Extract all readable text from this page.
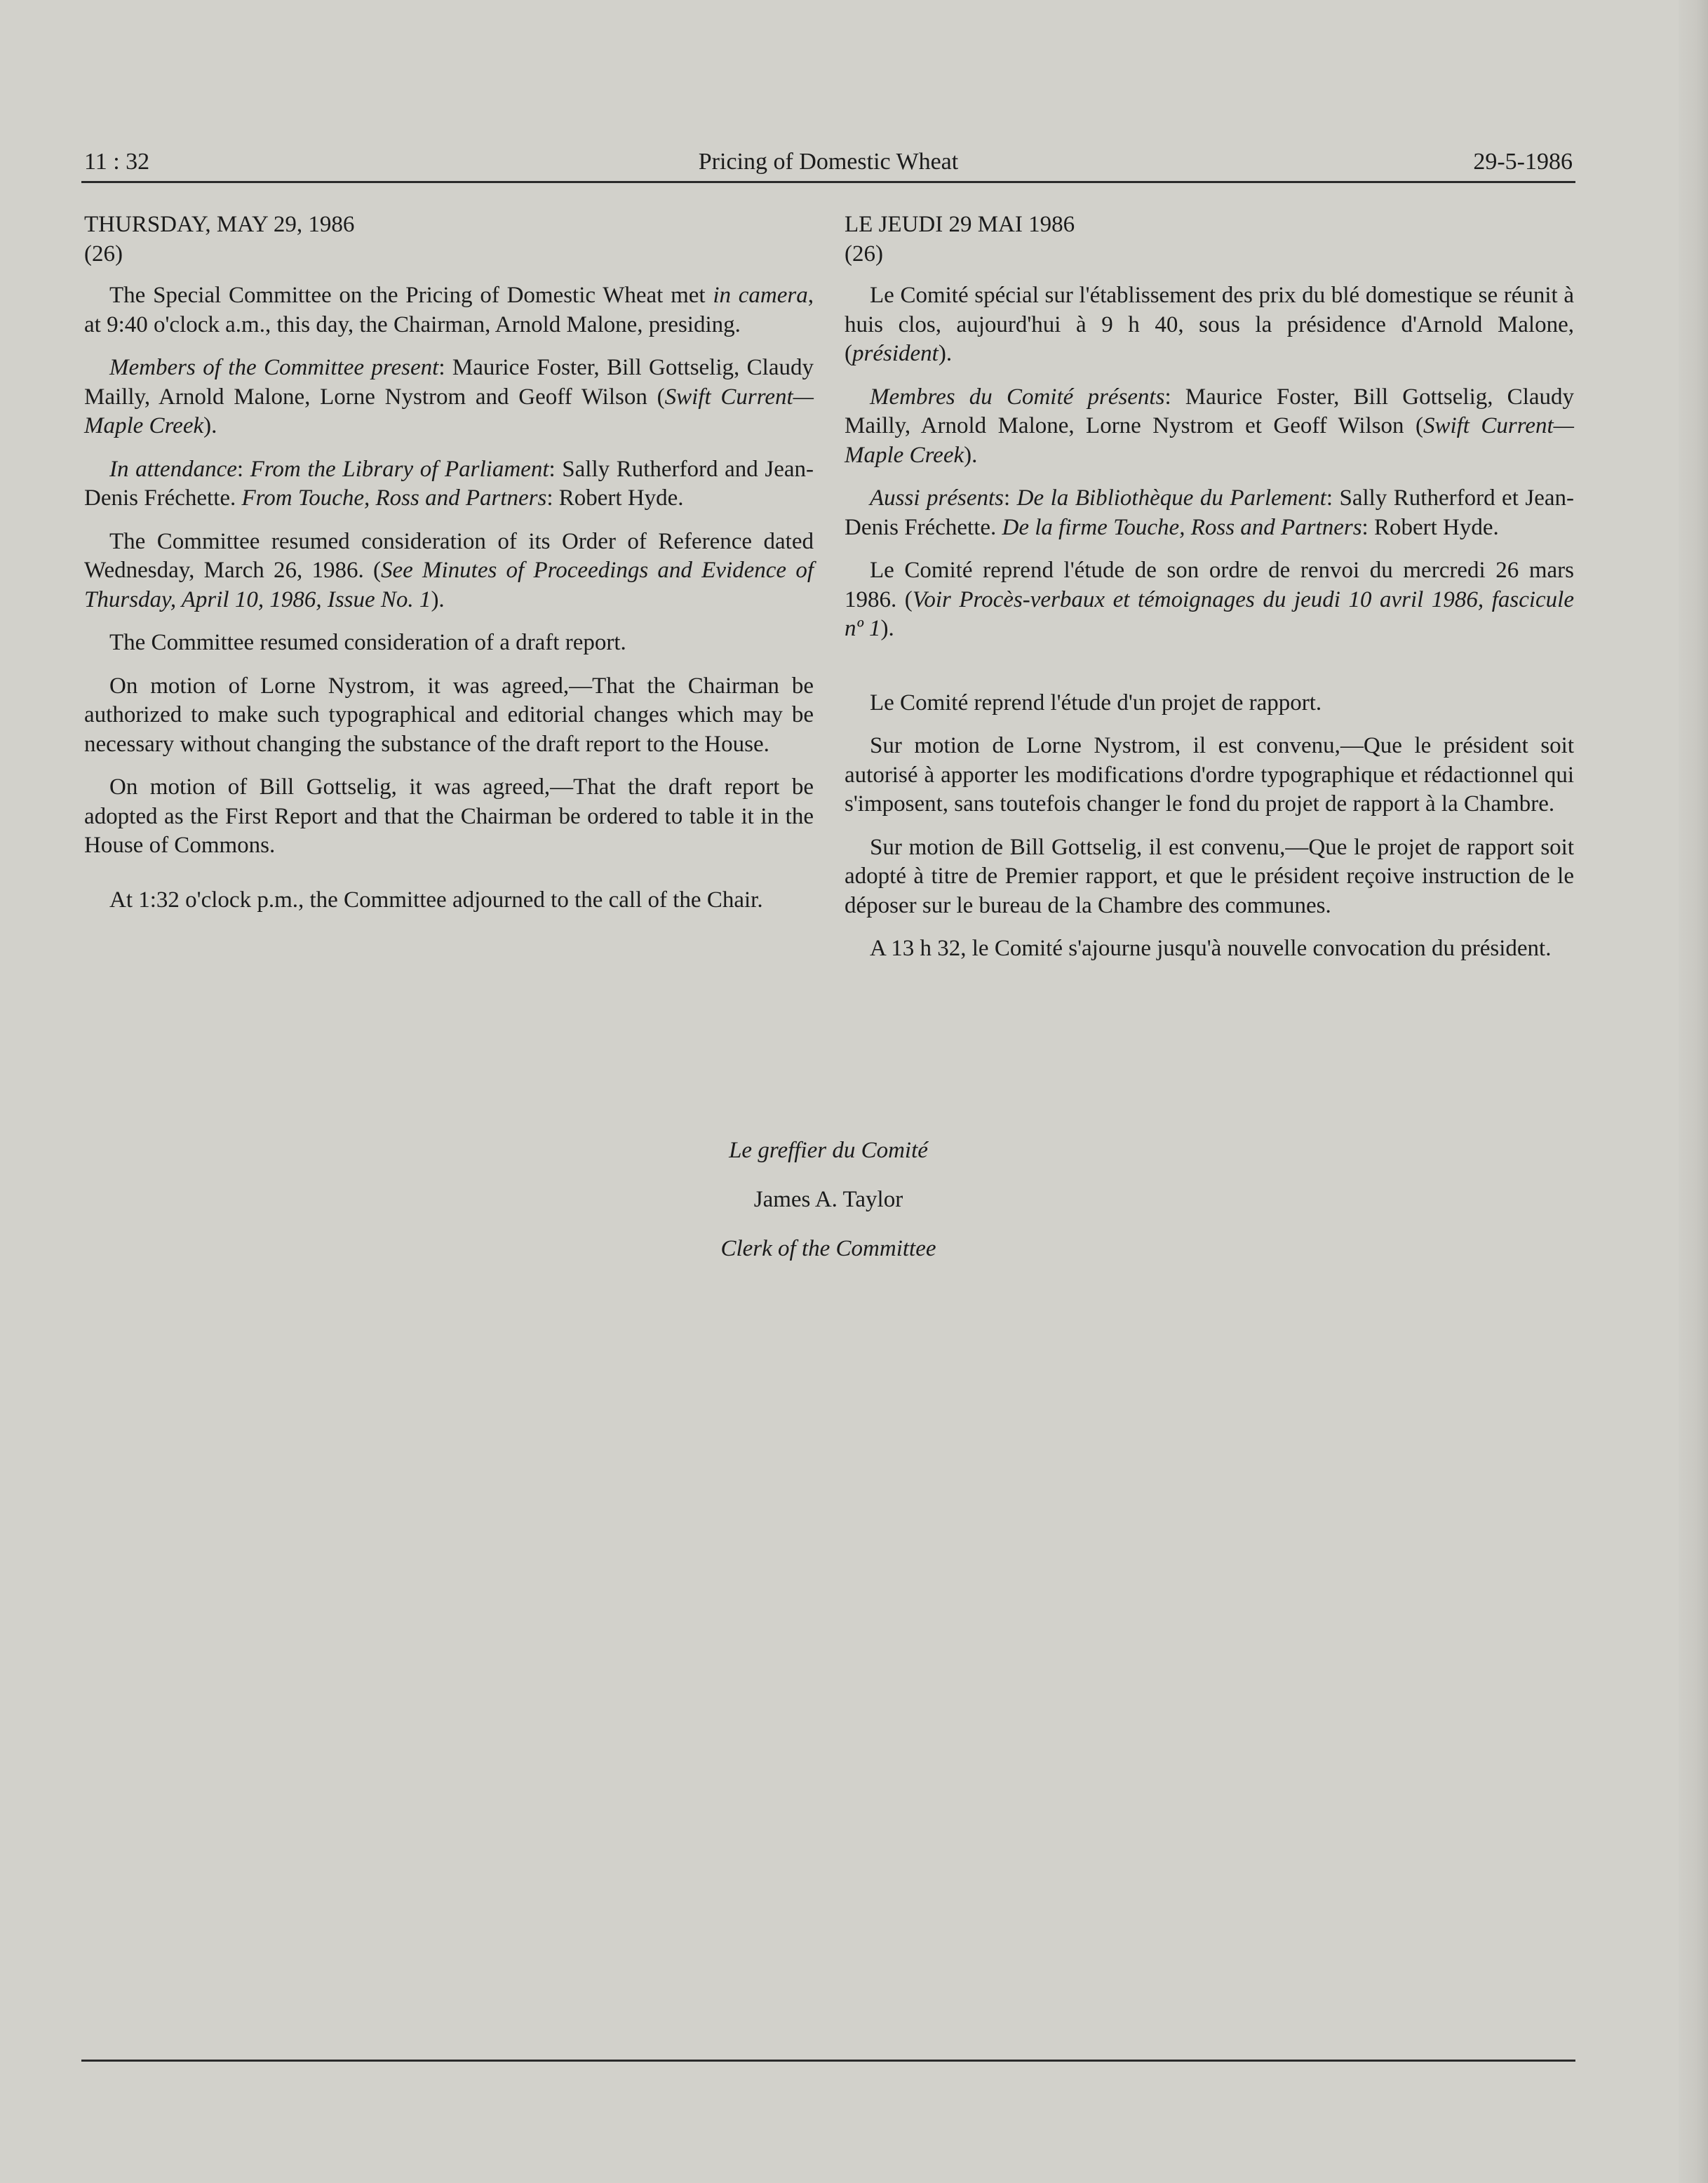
11 : 32	Pricing of Domestic Wheat	29-5-1986
THURSDAY, MAY 29, 1986
(26)

The Special Committee on the Pricing of Domestic Wheat met in camera, at 9:40 o'clock a.m., this day, the Chairman, Arnold Malone, presiding.

Members of the Committee present: Maurice Foster, Bill Gottselig, Claudy Mailly, Arnold Malone, Lorne Nystrom and Geoff Wilson (Swift Current—Maple Creek).

In attendance: From the Library of Parliament: Sally Rutherford and Jean-Denis Fréchette. From Touche, Ross and Partners: Robert Hyde.

The Committee resumed consideration of its Order of Reference dated Wednesday, March 26, 1986. (See Minutes of Proceedings and Evidence of Thursday, April 10, 1986, Issue No. 1).

The Committee resumed consideration of a draft report.

On motion of Lorne Nystrom, it was agreed,—That the Chairman be authorized to make such typographical and editorial changes which may be necessary without changing the substance of the draft report to the House.

On motion of Bill Gottselig, it was agreed,—That the draft report be adopted as the First Report and that the Chairman be ordered to table it in the House of Commons.

At 1:32 o'clock p.m., the Committee adjourned to the call of the Chair.

LE JEUDI 29 MAI 1986
(26)

Le Comité spécial sur l'établissement des prix du blé domestique se réunit à huis clos, aujourd'hui à 9 h 40, sous la présidence d'Arnold Malone, (président).

Membres du Comité présents: Maurice Foster, Bill Gottselig, Claudy Mailly, Arnold Malone, Lorne Nystrom et Geoff Wilson (Swift Current—Maple Creek).

Aussi présents: De la Bibliothèque du Parlement: Sally Rutherford et Jean-Denis Fréchette. De la firme Touche, Ross and Partners: Robert Hyde.

Le Comité reprend l'étude de son ordre de renvoi du mercredi 26 mars 1986. (Voir Procès-verbaux et témoignages du jeudi 10 avril 1986, fascicule nº 1).

Le Comité reprend l'étude d'un projet de rapport.

Sur motion de Lorne Nystrom, il est convenu,—Que le président soit autorisé à apporter les modifications d'ordre typographique et rédactionnel qui s'imposent, sans toutefois changer le fond du projet de rapport à la Chambre.

Sur motion de Bill Gottselig, il est convenu,—Que le projet de rapport soit adopté à titre de Premier rapport, et que le président reçoive instruction de le déposer sur le bureau de la Chambre des communes.

A 13 h 32, le Comité s'ajourne jusqu'à nouvelle convocation du président.

Le greffier du Comité
James A. Taylor
Clerk of the Committee
